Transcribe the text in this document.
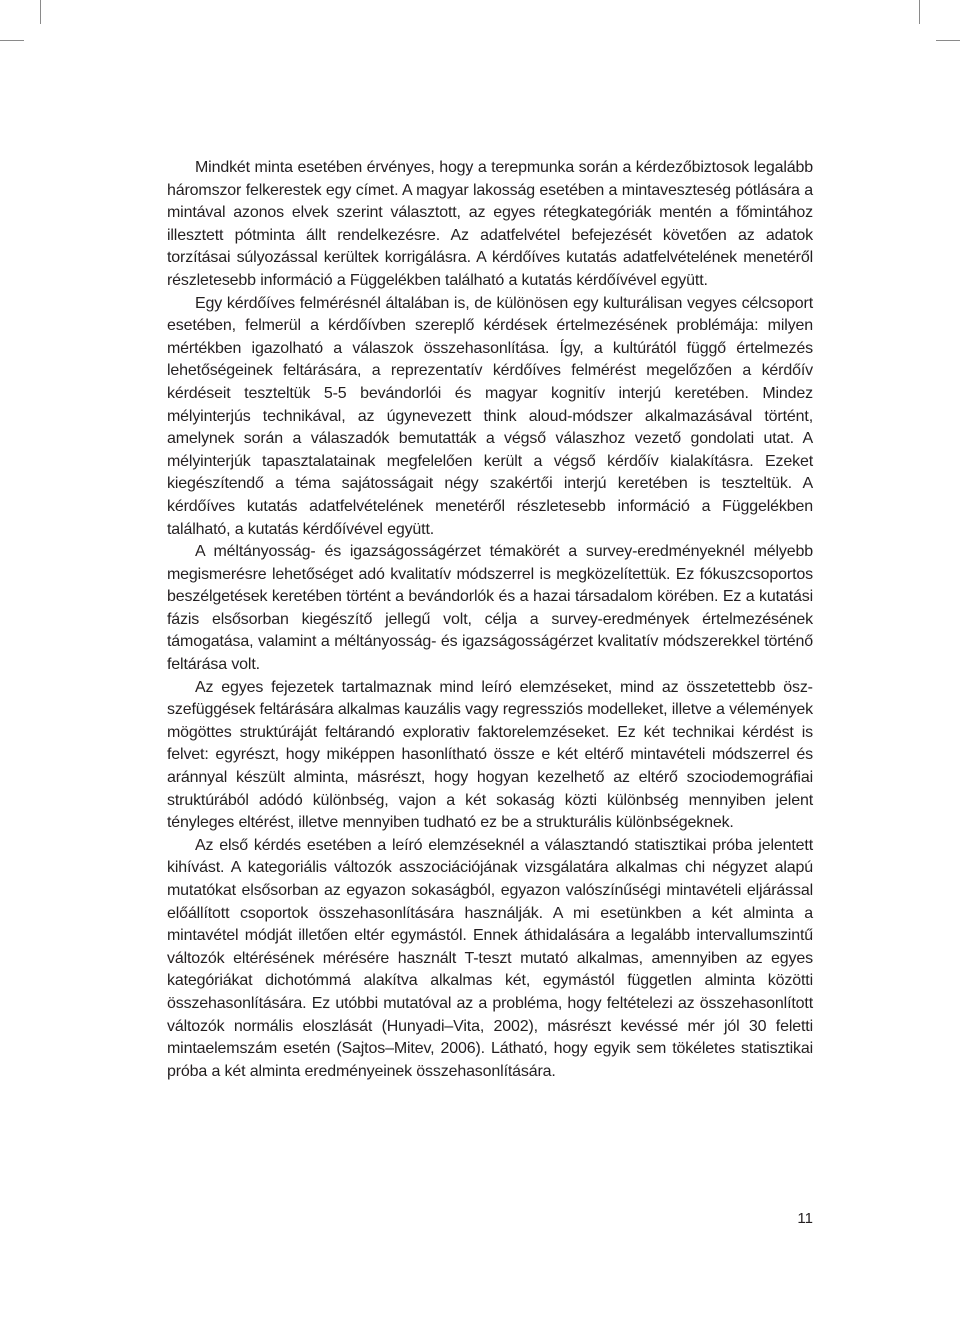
Mindkét minta esetében érvényes, hogy a terepmunka során a kérdezőbiztosok legalább háromszor felkerestek egy címet. A magyar lakosság esetében a mintaveszteség pótlására a mintával azonos elvek szerint választott, az egyes rétegkategóriák mentén a főmintához illesztett pótminta állt rendelkezésre. Az adatfelvétel befejezését követően az adatok torzításai súlyozással kerültek korrigálásra. A kérdőíves kutatás adatfelvételének menetéről részletesebb információ a Függelékben található a kutatás kérdőívével együtt.

Egy kérdőíves felmérésnél általában is, de különösen egy kulturálisan vegyes célcsoport esetében, felmerül a kérdőívben szereplő kérdések értelmezésének problémája: milyen mértékben igazolható a válaszok összehasonlítása. Így, a kultúrától függő értelmezés lehetőségeinek feltárására, a reprezentatív kérdőíves felmérést megelőzően a kérdőív kérdéseit teszteltük 5-5 bevándorlói és magyar kognitív interjú keretében. Mindez mélyinterjús technikával, az úgynevezett think aloud-módszer alkalmazásával történt, amelynek során a válaszadók bemutatták a végső válaszhoz vezető gondolati utat. A mélyinterjúk tapasztalatainak megfelelően került a végső kérdőív kialakításra. Ezeket kiegészítendő a téma sajátosságait négy szakértői interjú keretében is teszteltük. A kérdőíves kutatás adatfelvételének menetéről részletesebb információ a Függelékben található, a kutatás kérdőívével együtt.

A méltányosság- és igazságosságérzet témakörét a survey-eredményeknél mélyebb megismerésre lehetőséget adó kvalitatív módszerrel is megközelítettük. Ez fókuszcsoportos beszélgetések keretében történt a bevándorlók és a hazai társadalom körében. Ez a kutatási fázis elsősorban kiegészítő jellegű volt, célja a survey-eredmények értelmezésének támogatása, valamint a méltányosság- és igazságosságérzet kvalitatív módszerekkel történő feltárása volt.

Az egyes fejezetek tartalmaznak mind leíró elemzéseket, mind az összetettebb öszszefüggések feltárására alkalmas kauzális vagy regressziós modelleket, illetve a vélemények mögöttes struktúráját feltárandó explorativ faktorelemzéseket. Ez két technikai kérdést is felvet: egyrészt, hogy miképpen hasonlítható össze e két eltérő mintavételi módszerrel és aránnyal készült alminta, másrészt, hogy hogyan kezelhető az eltérő szociodemográfiai struktúrából adódó különbség, vajon a két sokaság közti különbség mennyiben jelent tényleges eltérést, illetve mennyiben tudható ez be a strukturális különbségeknek.

Az első kérdés esetében a leíró elemzéseknél a választandó statisztikai próba jelentett kihívást. A kategoriális változók asszociációjának vizsgálatára alkalmas chi négyzet alapú mutatókat elsősorban az egyazon sokaságból, egyazon valószínűségi mintavételi eljárással előállított csoportok összehasonlítására használják. A mi esetünkben a két alminta a mintavétel módját illetően eltér egymástól. Ennek áthidalására a legalább intervallumszintű változók eltérésének mérésére használt T-teszt mutató alkalmas, amennyiben az egyes kategóriákat dichotómmá alakítva alkalmas két, egymástól független alminta közötti összehasonlítására. Ez utóbbi mutatóval az a probléma, hogy feltételezi az összehasonlított változók normális eloszlását (Hunyadi–Vita, 2002), másrészt kevéssé mér jól 30 feletti mintaelemszám esetén (Sajtos–Mitev, 2006). Látható, hogy egyik sem tökéletes statisztikai próba a két alminta eredményeinek összehasonlítására.

11
